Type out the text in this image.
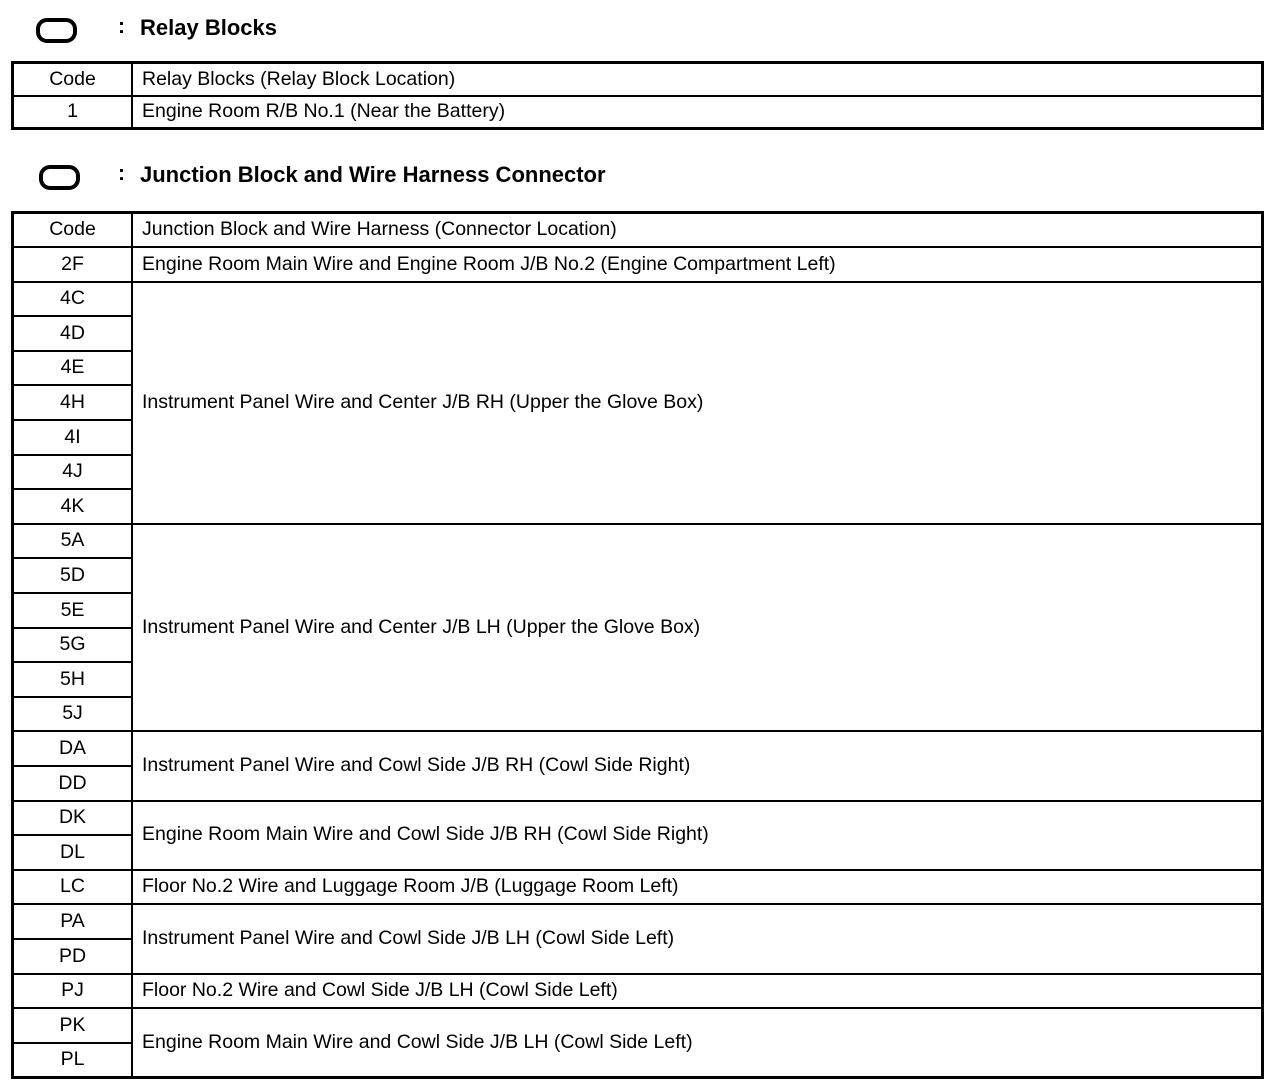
: Relay Blocks
Code	Relay Blocks (Relay Block Location)
1	Engine Room R/B No.1 (Near the Battery)
: Junction Block and Wire Harness Connector
Code	Junction Block and Wire Harness (Connector Location)
2F	Engine Room Main Wire and Engine Room J/B No.2 (Engine Compartment Left)
4C	Instrument Panel Wire and Center J/B RH (Upper the Glove Box)
4D	
4E	
4H	
4I	
4J	
4K	
5A	Instrument Panel Wire and Center J/B LH (Upper the Glove Box)
5D	
5E	
5G	
5H	
5J	
DA	Instrument Panel Wire and Cowl Side J/B RH (Cowl Side Right)
DD	
DK	Engine Room Main Wire and Cowl Side J/B RH (Cowl Side Right)
DL	
LC	Floor No.2 Wire and Luggage Room J/B (Luggage Room Left)
PA	Instrument Panel Wire and Cowl Side J/B LH (Cowl Side Left)
PD	
PJ	Floor No.2 Wire and Cowl Side J/B LH (Cowl Side Left)
PK	Engine Room Main Wire and Cowl Side J/B LH (Cowl Side Left)
PL	
